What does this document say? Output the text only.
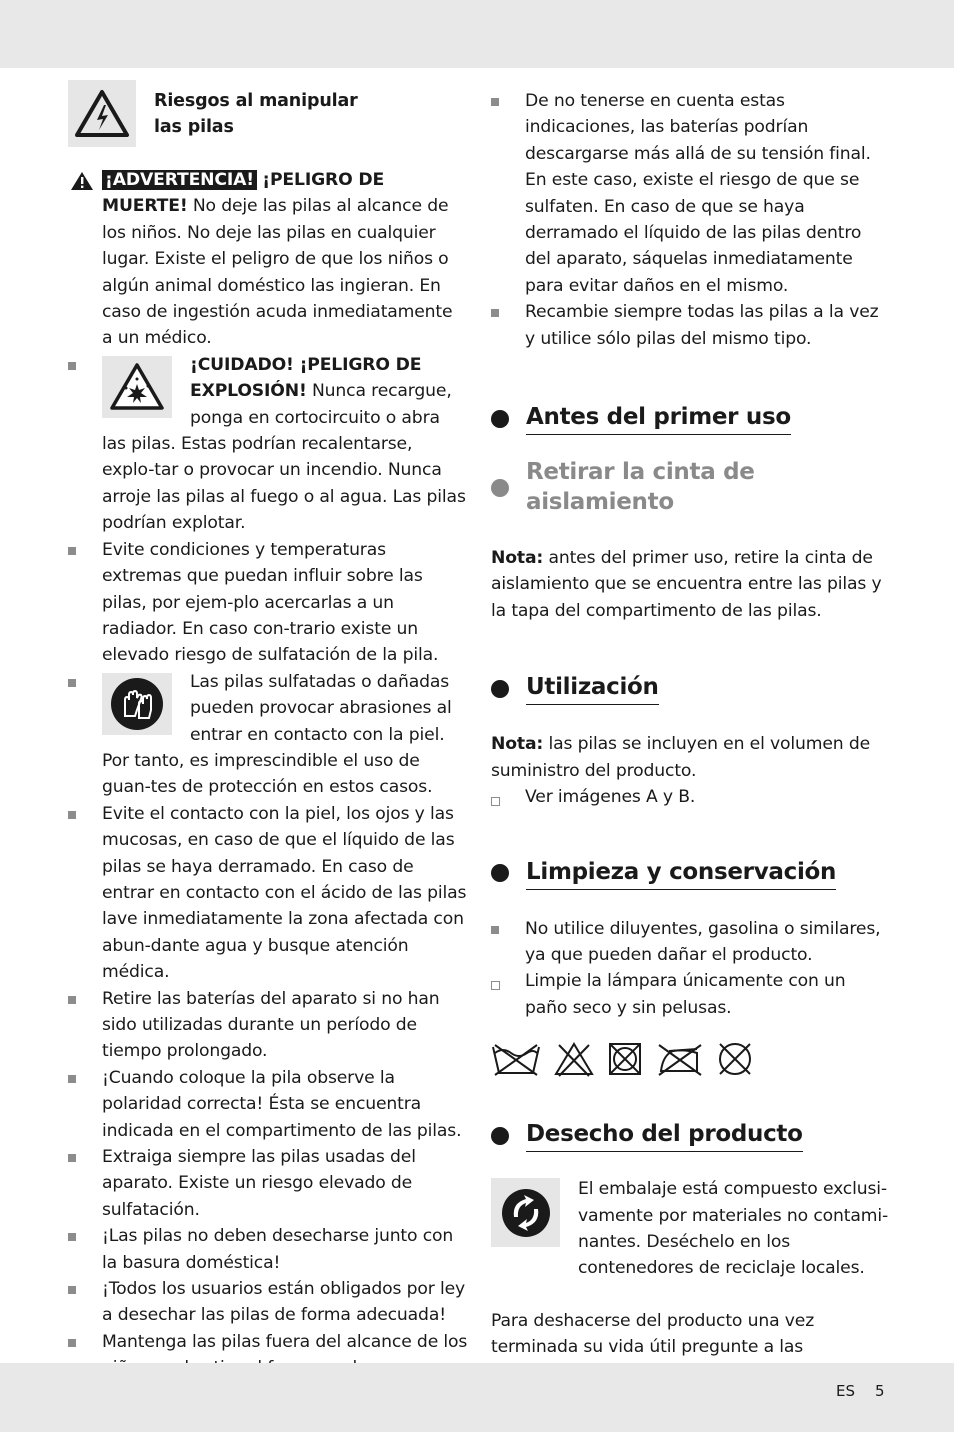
Riesgos al manipular las pilas
¡ADVERTENCIA! ¡PELIGRO DE MUERTE! No deje las pilas al alcance de los niños. No deje las pilas en cualquier lugar. Existe el peligro de que los niños o algún animal doméstico las ingieran. En caso de ingestión acuda inmediatamente a un médico.
¡CUIDADO! ¡PELIGRO DE EXPLOSIÓN! Nunca recargue, ponga en cortocircuito o abra las pilas. Estas podrían recalentarse, explo-tar o provocar un incendio. Nunca arroje las pilas al fuego o al agua. Las pilas podrían explotar.
Evite condiciones y temperaturas extremas que puedan influir sobre las pilas, por ejem-plo acercarlas a un radiador. En caso con-trario existe un elevado riesgo de sulfatación de la pila.
Las pilas sulfatadas o dañadas pueden provocar abrasiones al entrar en contacto con la piel. Por tanto, es imprescindible el uso de guan-tes de protección en estos casos.
Evite el contacto con la piel, los ojos y las mucosas, en caso de que el líquido de las pilas se haya derramado. En caso de entrar en contacto con el ácido de las pilas lave inmediatamente la zona afectada con abun-dante agua y busque atención médica.
Retire las baterías del aparato si no han sido utilizadas durante un período de tiempo prolongado.
¡Cuando coloque la pila observe la polaridad correcta! Ésta se encuentra indicada en el compartimento de las pilas.
Extraiga siempre las pilas usadas del aparato. Existe un riesgo elevado de sulfatación.
¡Las pilas no deben desecharse junto con la basura doméstica!
¡Todos los usuarios están obligados por ley a desechar las pilas de forma adecuada!
Mantenga las pilas fuera del alcance de los
De no tenerse en cuenta estas indicaciones, las baterías podrían descargarse más allá de su tensión final. En este caso, existe el riesgo de que se sulfaten. En caso de que se haya derramado el líquido de las pilas dentro del aparato, sáquelas inmediatamente para evitar daños en el mismo.
Recambie siempre todas las pilas a la vez y utilice sólo pilas del mismo tipo.
Antes del primer uso
Retirar la cinta de aislamiento
Nota: antes del primer uso, retire la cinta de aislamiento que se encuentra entre las pilas y la tapa del compartimento de las pilas.
Utilización
Nota: las pilas se incluyen en el volumen de suministro del producto.
Ver imágenes A y B.
Limpieza y conservación
No utilice diluyentes, gasolina o similares, ya que pueden dañar el producto.
Limpie la lámpara únicamente con un paño seco y sin pelusas.
Desecho del producto
El embalaje está compuesto exclusi-vamente por materiales no contami-nantes. Deséchelo en los contenedores de reciclaje locales.
Para deshacerse del producto una vez terminada su vida útil pregunte a las
ES 5
